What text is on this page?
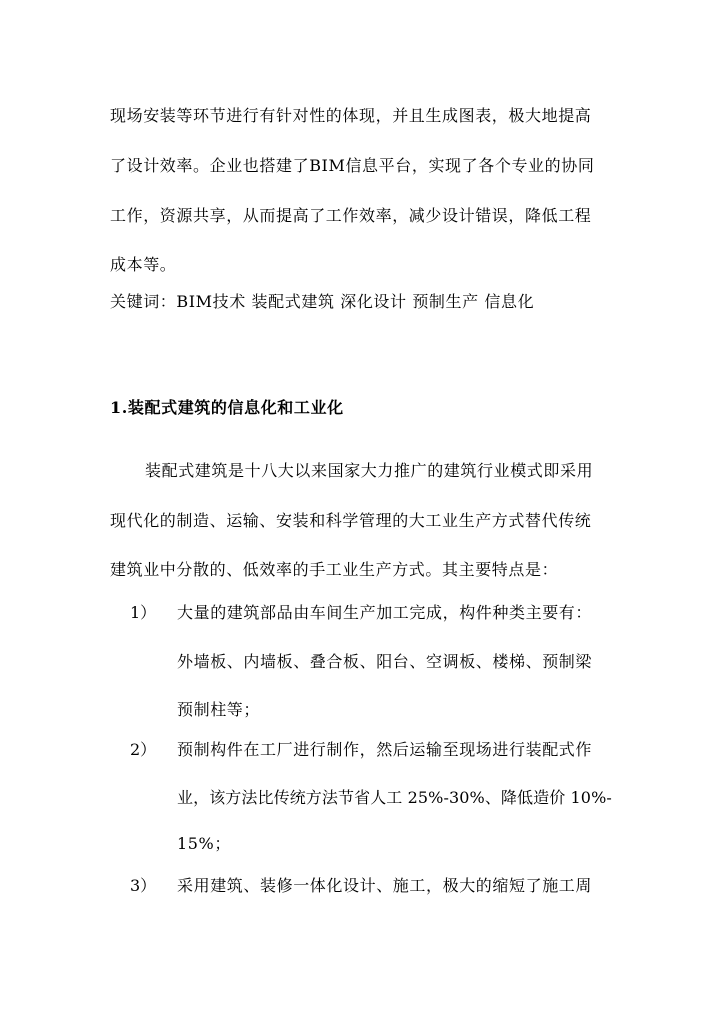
现场安装等环节进行有针对性的体现，并且生成图表，极大地提高
了设计效率。企业也搭建了BIM信息平台，实现了各个专业的协同
工作，资源共享，从而提高了工作效率，减少设计错误，降低工程
成本等。
关键词：BIM技术 装配式建筑 深化设计 预制生产 信息化
1.装配式建筑的信息化和工业化
装配式建筑是十八大以来国家大力推广的建筑行业模式即采用
现代化的制造、运输、安装和科学管理的大工业生产方式替代传统
建筑业中分散的、低效率的手工业生产方式。其主要特点是：
1） 大量的建筑部品由车间生产加工完成，构件种类主要有：
外墙板、内墙板、叠合板、阳台、空调板、楼梯、预制梁
预制柱等；
2） 预制构件在工厂进行制作，然后运输至现场进行装配式作
业，该方法比传统方法节省人工 25%-30%、降低造价 10%-
15%；
3） 采用建筑、装修一体化设计、施工，极大的缩短了施工周
